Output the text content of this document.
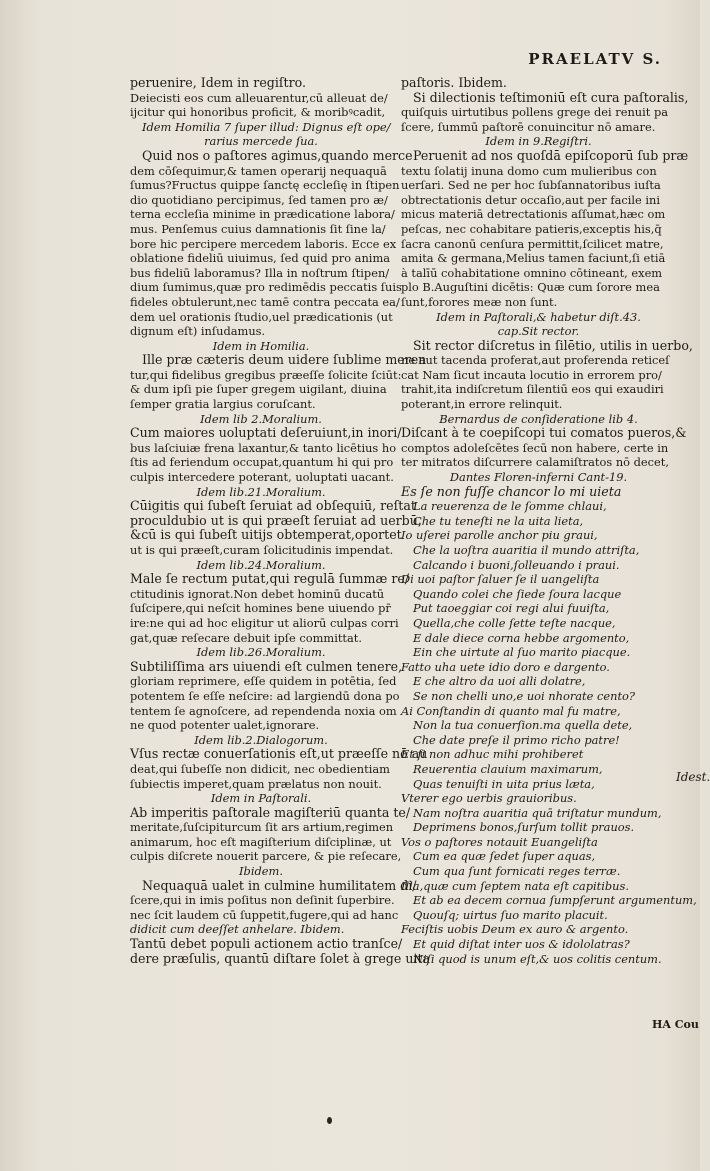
PRAELATV S.
peruenire, Idem in regiſtro.
Deiecisti eos cum alleuarentur,cū alleuat de/
ijcitur qui honoribus proficit, & moribꝰcadit,
Idem Homilia 7 ſuper illud: Dignus eſt ope/
rarius mercede ſua.
Quid nos o paſtores agimus,quando merce
dem cōſequimur,& tamen operarij nequaquā
ſumus?Fructus quippe ſanctę eccleſię in ſtipen
dio quotidiano percipimus, ſed tamen pro æ/
terna eccleſia minime in prædicatione labora/
mus. Penſemus cuius damnationis ſit ſine la/
bore hic percipere mercedem laboris. Ecce ex
oblatione fideliū uiuimus, ſed quid pro anima
bus fideliū laboramus? Illa in noſtrum ſtipen/
dium ſumimus,quæ pro redimēdis peccatis ſuis
fideles obtulerunt,nec tamē contra peccata ea/
dem uel orationis ſtudio,uel prædicationis (ut
dignum eſt) inſudamus.
Idem in Homilia.
Ille præ cæteris deum uidere ſublime meren
tur,qui fidelibus gregibus præeſſe ſolicite ſciūt:
& dum ipſi pie ſuper gregem uigilant, diuina
ſemper gratia largius coruſcant.
Idem lib 2.Moralium.
Cum maiores uoluptati deſeruiunt,in inori/
bus laſciuiæ frena laxantur,& tanto licētius ho
ſtis ad feriendum occupat,quantum hi qui pro
culpis intercedere poterant, uoluptati uacant.
Idem lib.21.Moralium.
Cūigitis qui ſubeſt ſeruiat ad obſequiū, reſtat
proculdubio ut is qui præeſt ſeruiat ad uerbū,
&cū is qui ſubeſt uitijs obtemperat,oportet
ut is qui præeſt,curam ſolicitudinis impendat.
Idem lib.24.Moralium.
Male ſe rectum putat,qui regulā ſummæ re/
ctitudinis ignorat.Non debet hominū ducatū
ſuſcipere,qui neſcit homines bene uiuendo pr̄
ire:ne qui ad hoc eligitur ut aliorū culpas corri
gat,quæ reſecare debuit ipſe committat.
Idem lib.26.Moralium.
Subtiliſſima ars uiuendi eſt culmen tenere,
gloriam reprimere, eſſe quidem in potētia, ſed
potentem ſe eſſe neſcire: ad largiendū dona po
tentem ſe agnoſcere, ad rependenda noxia om
ne quod potenter ualet,ignorare.
Idem lib.2.Dialogorum.
Vſus rectæ conuerſationis eſt,ut præeſſe nō au
deat,qui ſubeſſe non didicit, nec obedientiam
ſubiectis imperet,quam prælatus non nouit.
Idem in Paſtorali.
Ab imperitis paſtorale magiſteriū quanta te/
meritate,ſuſcipiturcum ſit ars artium,regimen
animarum, hoc eſt magiſterium diſciplinæ, ut
culpis diſcrete nouerit parcere, & pie reſecare,
Ibidem.
Nequaquā ualet in culmine humilitatem di/
ſcere,qui in imis poſitus non deſinit ſuperbire.
nec ſcit laudem cū ſuppetit,fugere,qui ad hanc
didicit cum deeſſet anhelare. Ibidem.
Tantū debet populi actionem actio tranſce/
dere præſulis, quantū diſtare ſolet à grege uita
paſtoris. Ibidem.
Si dilectionis teſtimoniū eſt cura paſtoralis,
quiſquis uirtutibus pollens grege dei renuit pa
ſcere, ſummū paſtorē conuincitur nō amare.
Idem in 9.Regiſtri.
Peruenit ad nos quoſdā epiſcoporū ſub præ
textu ſolatij inuna domo cum mulieribus con
uerſari. Sed ne per hoc ſubſannatoribus iuſta
obtrectationis detur occaſio,aut per facile ini
micus materiā detrectationis aſſumat,hæc om
peſcas, nec cohabitare patieris,exceptis his,q̄
ſacra canonū cenſura permittit,ſcilicet matre,
amita & germana,Melius tamen faciunt,ſi etiā
à talīū cohabitatione omnino cōtineant, exem
plo B.Auguſtini dicētis: Quæ cum ſorore mea
ſunt,forores meæ non ſunt.
Idem in Paſtorali,& habetur diſt.43.
cap.Sit rector.
Sit rector diſcretus in ſilētio, utilis in uerbo,
ne aut tacenda proferat,aut proferenda reticeſ
cat Nam ſicut incauta locutio in errorem pro/
trahit,ita indiſcretum ſilentiū eos qui exaudiri
poterant,in errore relinquit.
Bernardus de conſideratione lib 4.
Diſcant à te coepiſcopi tui comatos pueros,&
comptos adoleſcētes ſecū non habere, certe in
ter mitratos diſcurrere calamiſtratos nō decet,
Dantes Floren-inferni Cant-19.
Es ſe non fuſſe chancor lo mi uieta
La reuerenza de le ſomme chlaui,
Che tu teneſti ne la uita lieta,
Io uſerei parolle anchor piu graui,
Che la uoſtra auaritia il mundo attriſta,
Calcando i buoni,ſolleuando i praui.
Di uoi paſtor ſaluer ſe il uangeliſta
Quando colei che ſiede ſoura lacque
Put taoeggiar coi regi alui fuuiſta,
Quella,che colle ſette teſte nacque,
E dale diece corna hebbe argomento,
Ein che uirtute al ſuo marito piacque.
Fatto uha uete idio doro e dargento.
E che altro da uoi alli dolatre,
Se non chelli uno,e uoi nhorate cento?
Ai Conſtandin di quanto mal fu matre,
Non la tua conuerſion.ma quella dete,
Che date preſe il primo richo patre!
Et ſi non adhuc mihi prohiberet
Reuerentia clauium maximarum,
Quas tenuiſti in uita prius læta,
Vterer ego uerbis grauioribus.
Nam noſtra auaritia quā triſtatur mundum,
Deprimens bonos,ſurſum tollit prauos.
Vos o paſtores notauit Euangeliſta
Cum ea quæ ſedet ſuper aquas,
Cum qua ſunt fornicati reges terræ.
Illa,quæ cum ſeptem nata eſt capitibus.
Et ab ea decem cornua ſumpſerunt argumentum,
Quouſq; uirtus ſuo marito placuit.
Feciſtis uobis Deum ex auro & argento.
Et quid diſtat inter uos & idololatras?
Niſi quod is unum eſt,& uos colitis centum.
Idest.
HA Cou
